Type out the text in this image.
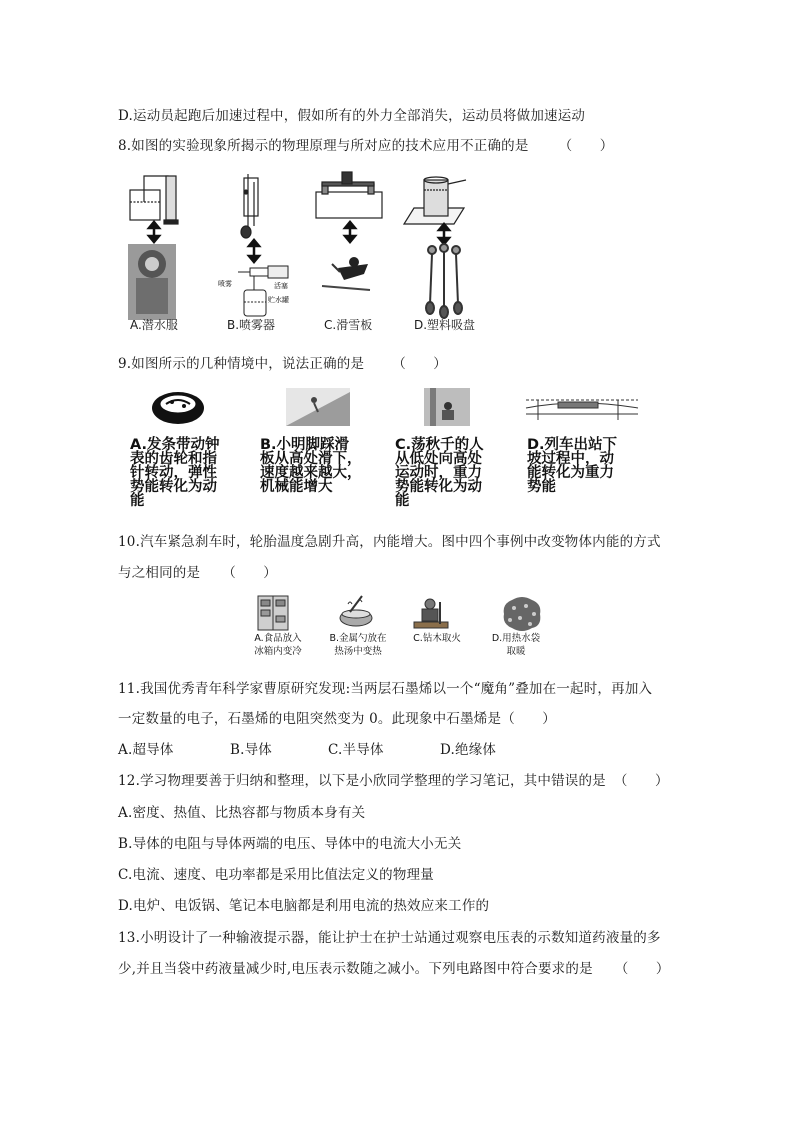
D.运动员起跑后加速过程中，假如所有的外力全部消失，运动员将做加速运动
8.如图的实验现象所揭示的物理原理与所对应的技术应用不正确的是 （　　）
喷雾	活塞
贮水罐
A.潜水服	B.喷雾器	C.滑雪板	D.塑料吸盘
9.如图所示的几种情境中，说法正确的是 （　　）
A.发条带动钟
表的齿轮和指
针转动，弹性
势能转化为动
能
B.小明脚踩滑
板从高处滑下，
速度越来越大，
机械能增大
C.荡秋千的人
从低处向高处
运动时，重力
势能转化为动
能
D.列车出站下
坡过程中，动
能转化为重力
势能
10.汽车紧急刹车时，轮胎温度急剧升高，内能增大。图中四个事例中改变物体内能的方式
与之相同的是 （　　）
A.食品放入
冰箱内变冷
B.金属勺放在
热汤中变热
C.钻木取火	D.用热水袋
取暖
11.我国优秀青年科学家曹原研究发现:当两层石墨烯以一个“魔角”叠加在一起时，再加入
一定数量的电子，石墨烯的电阻突然变为 0。此现象中石墨烯是（　　）
A.超导体	B.导体	C.半导体	D.绝缘体
12.学习物理要善于归纳和整理，以下是小欣同学整理的学习笔记，其中错误的是 （　　）
A.密度、热值、比热容都与物质本身有关
B.导体的电阻与导体两端的电压、导体中的电流大小无关
C.电流、速度、电功率都是采用比值法定义的物理量
D.电炉、电饭锅、笔记本电脑都是利用电流的热效应来工作的
13.小明设计了一种输液提示器，能让护士在护士站通过观察电压表的示数知道药液量的多
少,并且当袋中药液量减少时,电压表示数随之减小。下列电路图中符合要求的是 （　　）
